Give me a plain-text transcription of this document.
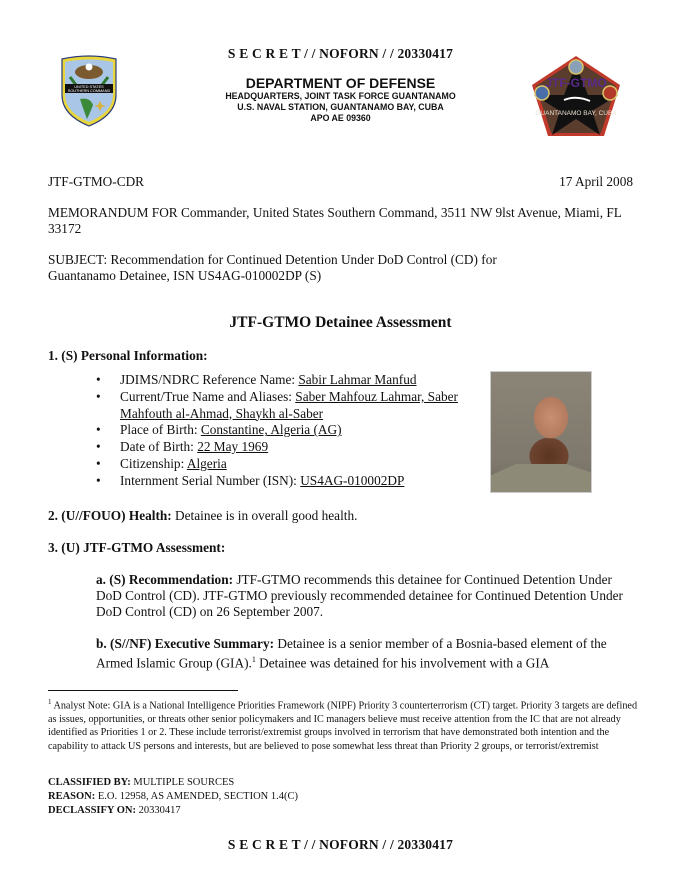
S E C R E T / / NOFORN / / 20330417
UNITED STATES
SOUTHERN COMMAND	DEPARTMENT OF DEFENSE
HEADQUARTERS, JOINT TASK FORCE GUANTANAMO
U.S. NAVAL STATION, GUANTANAMO BAY, CUBA
APO AE 09360
JTF-GTMO
GUANTANAMO BAY, CUBA
JTF-GTMO-CDR	17 April 2008
MEMORANDUM FOR Commander, United States Southern Command, 3511 NW 9lst Avenue, Miami, FL 33172
SUBJECT: Recommendation for Continued Detention Under DoD Control (CD) for Guantanamo Detainee, ISN US4AG-010002DP (S)
JTF-GTMO Detainee Assessment
1. (S) Personal Information:
• JDIMS/NDRC Reference Name: Sabir Lahmar Manfud
• Current/True Name and Aliases: Saber Mahfouz Lahmar, Saber Mahfouth al-Ahmad, Shaykh al-Saber
• Place of Birth: Constantine, Algeria (AG)
• Date of Birth: 22 May 1969
• Citizenship: Algeria
• Internment Serial Number (ISN): US4AG-010002DP
2. (U//FOUO) Health: Detainee is in overall good health.
3. (U) JTF-GTMO Assessment:
a. (S) Recommendation: JTF-GTMO recommends this detainee for Continued Detention Under DoD Control (CD). JTF-GTMO previously recommended detainee for Continued Detention Under DoD Control (CD) on 26 September 2007.
b. (S//NF) Executive Summary: Detainee is a senior member of a Bosnia-based element of the Armed Islamic Group (GIA).$^1$ Detainee was detained for his involvement with a GIA
$^1$ Analyst Note: GIA is a National Intelligence Priorities Framework (NIPF) Priority 3 counterterrorism (CT) target. Priority 3 targets are defined as issues, opportunities, or threats other senior policymakers and IC managers believe must receive attention from the IC that are not already identified as Priorities 1 or 2. These include terrorist/extremist groups involved in terrorism that have demonstrated both intention and the capability to attack US persons and interests, but are believed to pose somewhat less threat than Priority 2 groups, or terrorist/extremist
CLASSIFIED BY: MULTIPLE SOURCES
REASON: E.O. 12958, AS AMENDED, SECTION 1.4(C)
DECLASSIFY ON: 20330417
S E C R E T / / NOFORN / / 20330417
